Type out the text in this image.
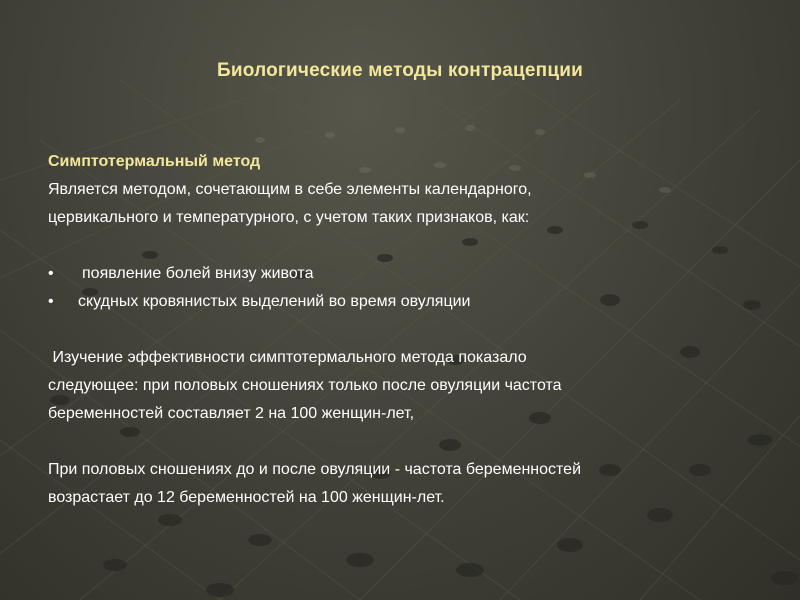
Биологические методы контрацепции

Симптотермальный метод

Является методом, сочетающим в себе элементы календарного,

цервикального и температурного, с учетом таких признаков, как:

•	появление болей внизу живота
•	скудных кровянистых выделений во время овуляции

Изучение эффективности симптотермального метода показало

следующее: при половых сношениях только после овуляции частота

беременностей составляет 2 на 100 женщин-лет,

При половых сношениях до и после овуляции - частота беременностей

возрастает до 12 беременностей на 100 женщин-лет.
